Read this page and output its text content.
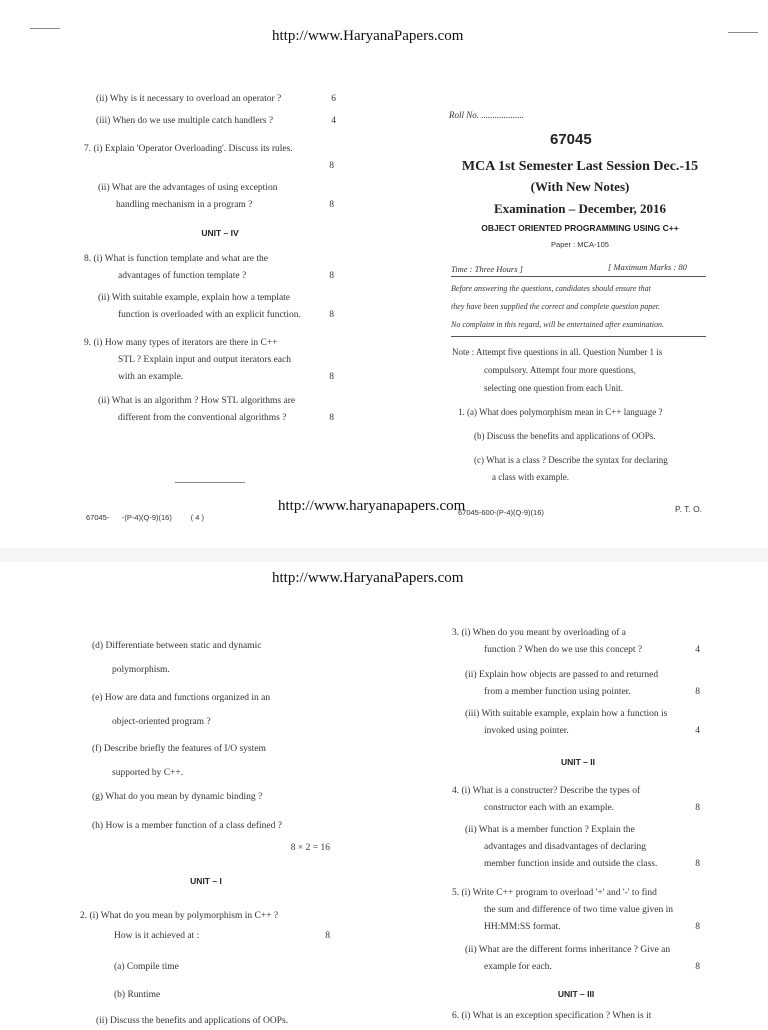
http://www.HaryanaPapers.com
(ii) Why is it necessary to overload an operator ?	6
(iii) When do we use multiple catch handlers ?	4
7. (i) Explain 'Operator Overloading'. Discuss its rules.
8
(ii) What are the advantages of using exception
handling mechanism in a program ?	8
UNIT – IV
8. (i) What is function template and what are the
advantages of function template ?	8
(ii) With suitable example, explain how a template
function is overloaded with an explicit function.	8
9. (i) How many types of iterators are there in C++
STL ? Explain input and output iterators each
with an example.	8
(ii) What is an algorithm ? How STL algorithms are
different from the conventional algorithms ?	8
Roll No. ...................
67045
MCA 1st Semester Last Session Dec.-15
(With New Notes)
Examination – December, 2016
OBJECT ORIENTED PROGRAMMING USING C++
Paper : MCA-105
Time : Three Hours ]	[ Maximum Marks : 80
Before answering the questions, candidates should ensure that
they have been supplied the correct and complete question paper.
No complaint in this regard, will be entertained after examination.
Note : Attempt five questions in all. Question Number 1 is
compulsory. Attempt four more questions,
selecting one question from each Unit.
1. (a) What does polymorphism mean in C++ language ?
(b) Discuss the benefits and applications of OOPs.
(c) What is a class ? Describe the syntax for declaring
a class with example.
67045-      -(P-4)(Q-9)(16)         ( 4 )
http://www.haryanapapers.com
67045-600-(P-4)(Q-9)(16)	P. T. O.
http://www.HaryanaPapers.com
(d) Differentiate between static and dynamic
polymorphism.
(e) How are data and functions organized in an
object-oriented program ?
(f) Describe briefly the features of I/O system
supported by C++.
(g) What do you mean by dynamic binding ?
(h) How is a member function of a class defined ?
8 × 2 = 16
UNIT – I
2. (i) What do you mean by polymorphism in C++ ?
How is it achieved at :	8
(a) Compile time
(b) Runtime
(ii) Discuss the benefits and applications of OOPs.
3. (i) When do you meant by overloading of a
function ? When do we use this concept ?	4
(ii) Explain how objects are passed to and returned
from a member function using pointer.	8
(iii) With suitable example, explain how a function is
invoked using pointer.	4
UNIT – II
4. (i) What is a constructer? Describe the types of
constructor each with an example.	8
(ii) What is a member function ? Explain the
advantages and disadvantages of declaring
member function inside and outside the class.	8
5. (i) Write C++ program to overload '+' and '-' to find
the sum and difference of two time value given in
HH:MM:SS format.	8
(ii) What are the different forms inheritance ? Give an
example for each.	8
UNIT – III
6. (i) What is an exception specification ? When is it
